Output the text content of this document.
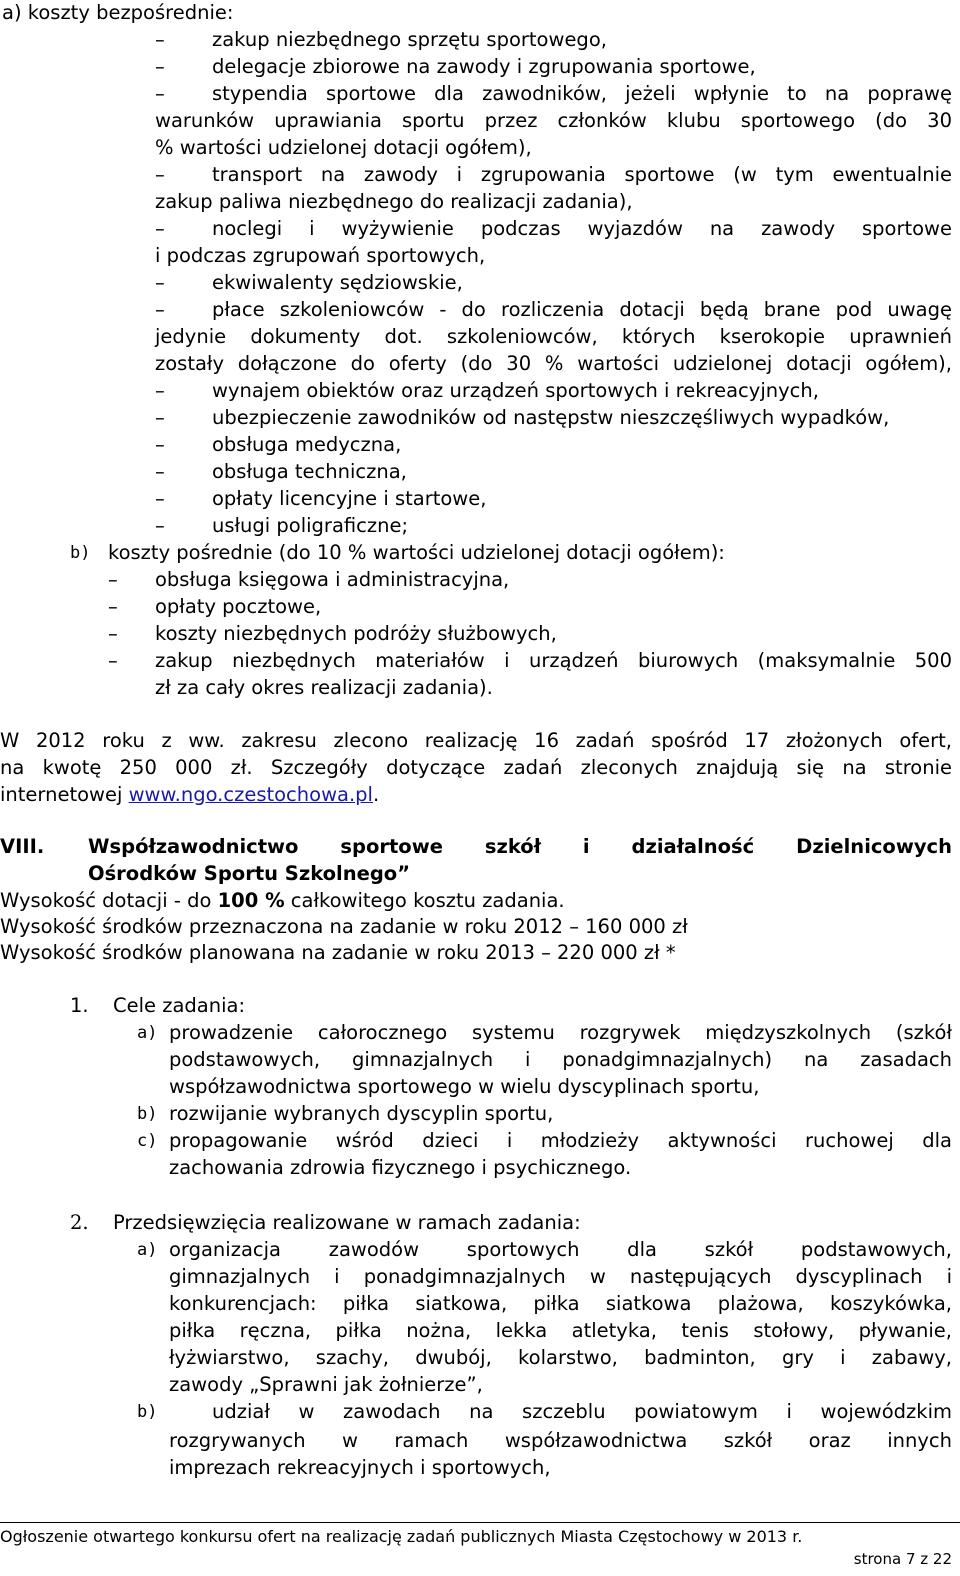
a) koszty bezpośrednie:
– zakup niezbędnego sprzętu sportowego,
– delegacje zbiorowe na zawody i zgrupowania sportowe,
– stypendia sportowe dla zawodników, jeżeli wpłynie to na poprawę
warunków uprawiania sportu przez członków klubu sportowego (do 30
% wartości udzielonej dotacji ogółem),
– transport na zawody i zgrupowania sportowe (w tym ewentualnie
zakup paliwa niezbędnego do realizacji zadania),
– noclegi i wyżywienie podczas wyjazdów na zawody sportowe
i podczas zgrupowań sportowych,
– ekwiwalenty sędziowskie,
– płace szkoleniowców - do rozliczenia dotacji będą brane pod uwagę
jedynie dokumenty dot. szkoleniowców, których kserokopie uprawnień
zostały dołączone do oferty (do 30 % wartości udzielonej dotacji ogółem),
– wynajem obiektów oraz urządzeń sportowych i rekreacyjnych,
– ubezpieczenie zawodników od następstw nieszczęśliwych wypadków,
– obsługa medyczna,
– obsługa techniczna,
– opłaty licencyjne i startowe,
– usługi poligraficzne;
b) koszty pośrednie (do 10 % wartości udzielonej dotacji ogółem):
– obsługa księgowa i administracyjna,
– opłaty pocztowe,
– koszty niezbędnych podróży służbowych,
– zakup niezbędnych materiałów i urządzeń biurowych (maksymalnie 500
zł za cały okres realizacji zadania).
W 2012 roku z ww. zakresu zlecono realizację 16 zadań spośród 17 złożonych ofert,
na kwotę 250 000 zł. Szczegóły dotyczące zadań zleconych znajdują się na stronie
internetowej www.ngo.czestochowa.pl.
VIII. Współzawodnictwo sportowe szkół i działalność Dzielnicowych
Ośrodków Sportu Szkolnego”
Wysokość dotacji - do 100 % całkowitego kosztu zadania.
Wysokość środków przeznaczona na zadanie w roku 2012 – 160 000 zł
Wysokość środków planowana na zadanie w roku 2013 – 220 000 zł *
1. Cele zadania:
a) prowadzenie całorocznego systemu rozgrywek międzyszkolnych (szkół
podstawowych, gimnazjalnych i ponadgimnazjalnych) na zasadach
współzawodnictwa sportowego w wielu dyscyplinach sportu,
b) rozwijanie wybranych dyscyplin sportu,
c) propagowanie wśród dzieci i młodzieży aktywności ruchowej dla
zachowania zdrowia fizycznego i psychicznego.
2. Przedsięwzięcia realizowane w ramach zadania:
a) organizacja zawodów sportowych dla szkół podstawowych,
gimnazjalnych i ponadgimnazjalnych w następujących dyscyplinach i
konkurencjach: piłka siatkowa, piłka siatkowa plażowa, koszykówka,
piłka ręczna, piłka nożna, lekka atletyka, tenis stołowy, pływanie,
łyżwiarstwo, szachy, dwubój, kolarstwo, badminton, gry i zabawy,
zawody „Sprawni jak żołnierze”,
b)	udział w zawodach na szczeblu powiatowym i wojewódzkim
rozgrywanych w ramach współzawodnictwa szkół oraz innych
imprezach rekreacyjnych i sportowych,
Ogłoszenie otwartego konkursu ofert na realizację zadań publicznych Miasta Częstochowy w 2013 r.
strona 7 z 22
